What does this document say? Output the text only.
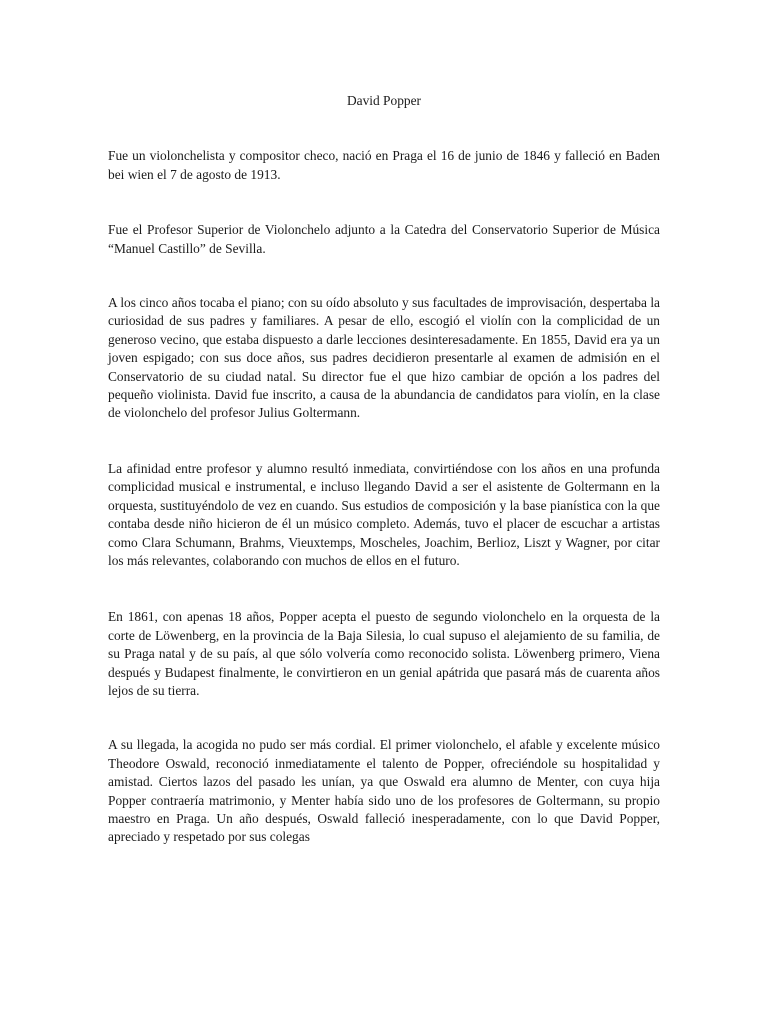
David Popper

Fue un violonchelista y compositor checo, nació en Praga el 16 de junio de 1846 y falleció en Baden bei wien el 7 de agosto de 1913.

Fue el Profesor Superior de Violonchelo adjunto a la Catedra del Conservatorio Superior de Música “Manuel Castillo” de Sevilla.

A los cinco años tocaba el piano; con su oído absoluto y sus facultades de improvisación, despertaba la curiosidad de sus padres y familiares. A pesar de ello, escogió el violín con la complicidad de un generoso vecino, que estaba dispuesto a darle lecciones desinteresadamente. En 1855, David era ya un joven espigado; con sus doce años, sus padres decidieron presentarle al examen de admisión en el Conservatorio de su ciudad natal. Su director fue el que hizo cambiar de opción a los padres del pequeño violinista. David fue inscrito, a causa de la abundancia de candidatos para violín, en la clase de violonchelo del profesor Julius Goltermann.

La afinidad entre profesor y alumno resultó inmediata, convirtiéndose con los años en una profunda complicidad musical e instrumental, e incluso llegando David a ser el asistente de Goltermann en la orquesta, sustituyéndolo de vez en cuando. Sus estudios de composición y la base pianística con la que contaba desde niño hicieron de él un músico completo. Además, tuvo el placer de escuchar a artistas como Clara Schumann, Brahms, Vieuxtemps, Moscheles, Joachim, Berlioz, Liszt y Wagner, por citar los más relevantes, colaborando con muchos de ellos en el futuro.

En 1861, con apenas 18 años, Popper acepta el puesto de segundo violonchelo en la orquesta de la corte de Löwenberg, en la provincia de la Baja Silesia, lo cual supuso el alejamiento de su familia, de su Praga natal y de su país, al que sólo volvería como reconocido solista. Löwenberg primero, Viena después y Budapest finalmente, le convirtieron en un genial apátrida que pasará más de cuarenta años lejos de su tierra.

A su llegada, la acogida no pudo ser más cordial. El primer violonchelo, el afable y excelente músico Theodore Oswald, reconoció inmediatamente el talento de Popper, ofreciéndole su hospitalidad y amistad. Ciertos lazos del pasado les unían, ya que Oswald era alumno de Menter, con cuya hija Popper contraería matrimonio, y Menter había sido uno de los profesores de Goltermann, su propio maestro en Praga. Un año después, Oswald falleció inesperadamente, con lo que David Popper, apreciado y respetado por sus colegas
